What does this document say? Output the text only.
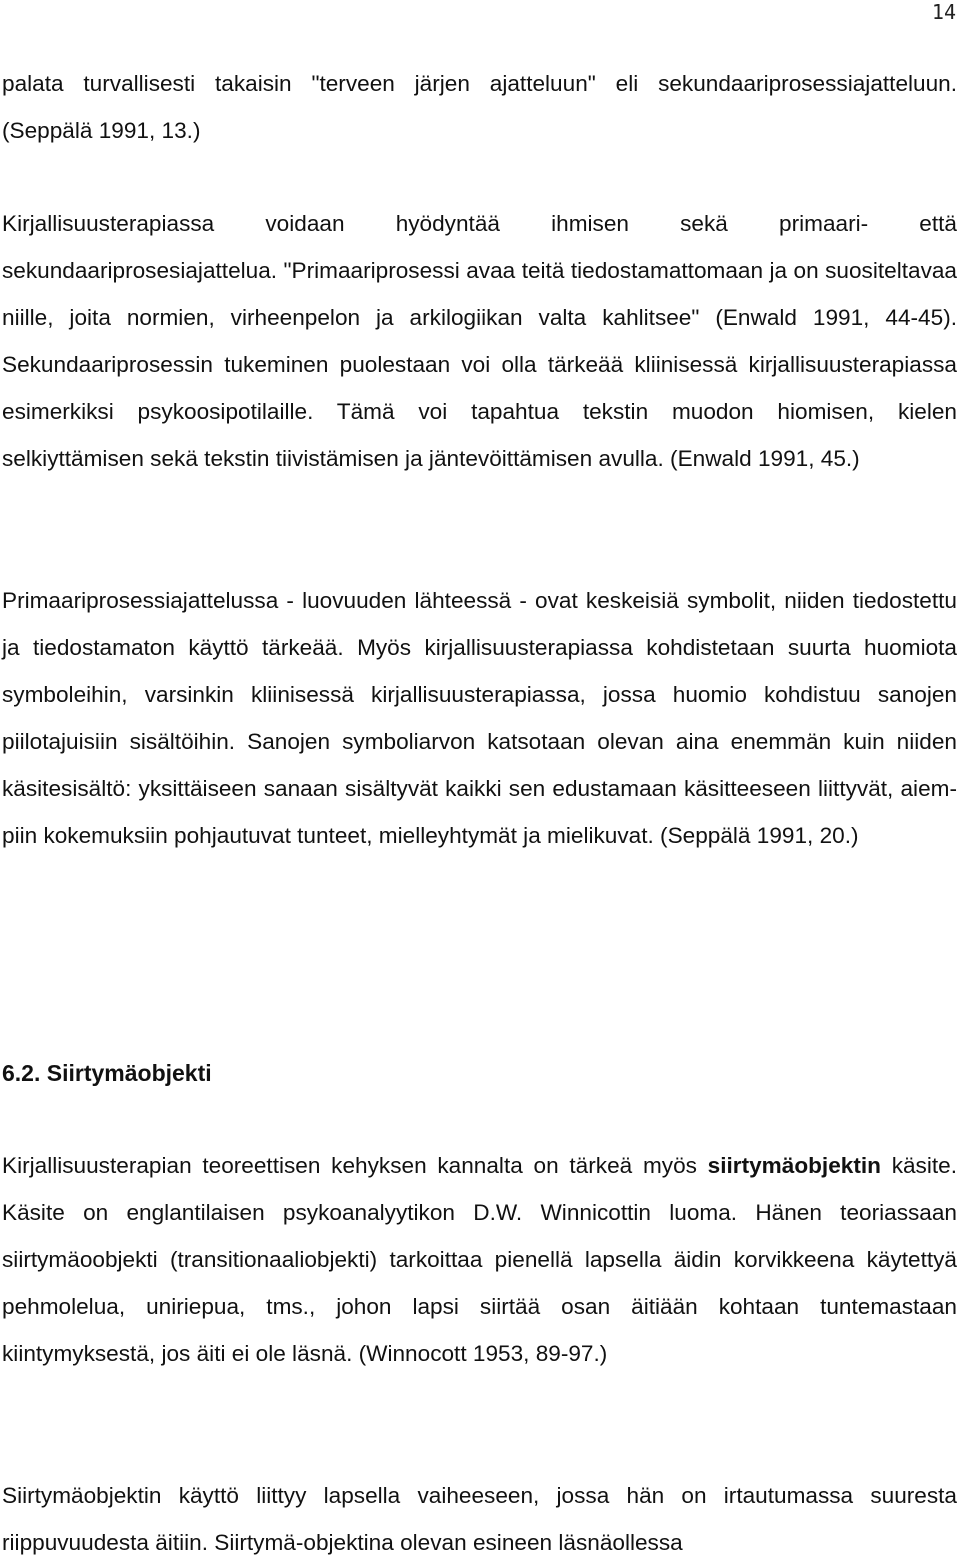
14

palata turvallisesti takaisin "terveen järjen ajatteluun" eli sekundaariprosessiajatteluun. (Seppälä 1991, 13.)

Kirjallisuusterapiassa voidaan hyödyntää ihmisen sekä primaari- että sekundaariprosesiajattelua. "Primaariprosessi avaa teitä tiedostamattomaan ja on suositeltavaa niille, joita normien, virheenpelon ja arkilogiikan valta kahlitsee" (Enwald 1991, 44-45). Sekundaariprosessin tukeminen puolestaan voi olla tärkeää kliinisessä kirjallisuusterapiassa esimerkiksi psykoosipotilaille. Tämä voi tapahtua tekstin muodon hiomisen, kielen selkiyttämisen sekä tekstin tiivistämisen ja jäntevöittämisen avulla. (Enwald 1991, 45.)

Primaariprosessiajattelussa - luovuuden lähteessä - ovat keskeisiä symbolit, niiden tiedostettu ja tiedostamaton käyttö tärkeää. Myös kirjallisuusterapiassa kohdistetaan suurta huomiota symboleihin, varsinkin kliinisessä kirjallisuusterapiassa, jossa huomio kohdistuu sanojen piilotajuisiin sisältöihin. Sanojen symboliarvon katsotaan olevan aina enemmän kuin niiden käsitesisältö: yksittäiseen sanaan sisältyvät kaikki sen edustamaan käsitteeseen liittyvät, aiempiin kokemuksiin pohjautuvat tunteet, mielleyhtymät ja mielikuvat. (Seppälä 1991, 20.)

6.2. Siirtymäobjekti

Kirjallisuusterapian teoreettisen kehyksen kannalta on tärkeä myös siirtymäobjektin käsite. Käsite on englantilaisen psykoanalyytikon D.W. Winnicottin luoma. Hänen teoriassaan siirtymäoobjekti (transitionaaliobjekti) tarkoittaa pienellä lapsella äidin korvikkeena käytettyä pehmolelua, uniriepua, tms., johon lapsi siirtää osan äitiään kohtaan tuntemastaan kiintymyksestä, jos äiti ei ole läsnä. (Winnocott 1953, 89-97.)

Siirtymäobjektin käyttö liittyy lapsella vaiheeseen, jossa hän on irtautumassa suuresta riippuvuudesta äitiin. Siirtymä-objektina olevan esineen läsnäollessa
